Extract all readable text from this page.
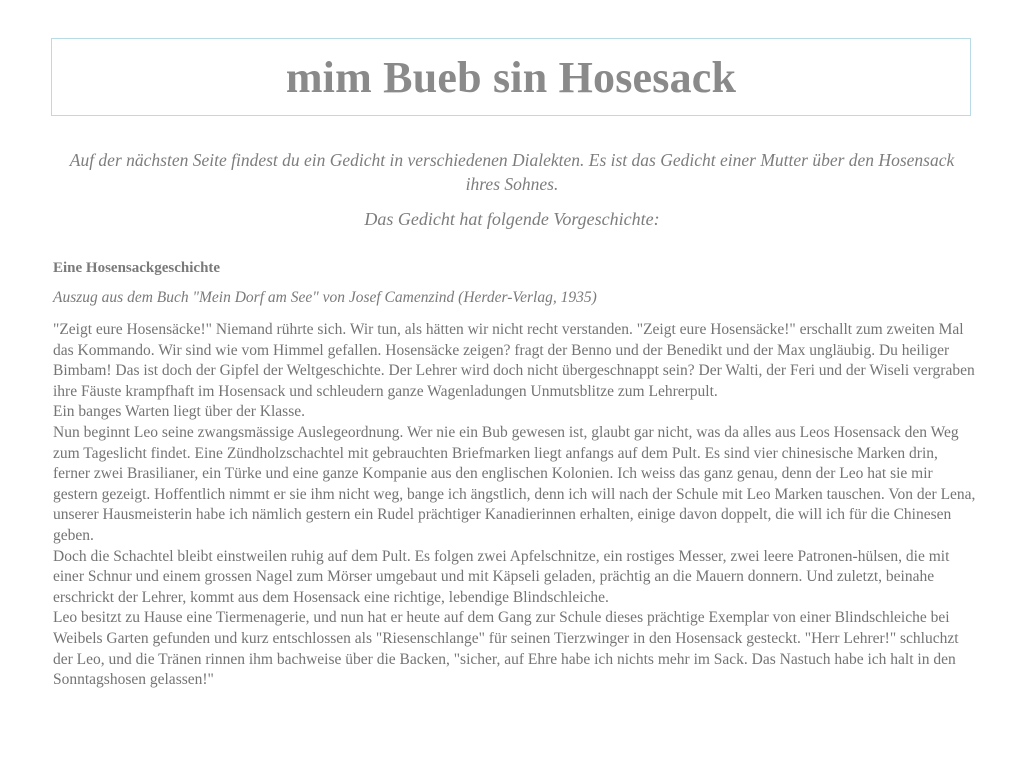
mim Bueb sin Hosesack

Auf der nächsten Seite findest du ein Gedicht in verschiedenen Dialekten. Es ist das Gedicht einer Mutter über den Hosensack ihres Sohnes.

Das Gedicht hat folgende Vorgeschichte:

Eine Hosensackgeschichte

Auszug aus dem Buch "Mein Dorf am See" von Josef Camenzind (Herder-Verlag, 1935)

"Zeigt eure Hosensäcke!" Niemand rührte sich. Wir tun, als hätten wir nicht recht verstanden. "Zeigt eure Hosensäcke!" erschallt zum zweiten Mal das Kommando. Wir sind wie vom Himmel gefallen. Hosensäcke zeigen? fragt der Benno und der Benedikt und der Max ungläubig. Du heiliger Bimbam! Das ist doch der Gipfel der Weltgeschichte. Der Lehrer wird doch nicht übergeschnappt sein? Der Walti, der Feri und der Wiseli vergraben ihre Fäuste krampfhaft im Hosensack und schleudern ganze Wagenladungen Unmutsblitze zum Lehrerpult.

Ein banges Warten liegt über der Klasse.

Nun beginnt Leo seine zwangsmässige Auslegeordnung. Wer nie ein Bub gewesen ist, glaubt gar nicht, was da alles aus Leos Hosensack den Weg zum Tageslicht findet. Eine Zündholzschachtel mit gebrauchten Briefmarken liegt anfangs auf dem Pult. Es sind vier chinesische Marken drin, ferner zwei Brasilianer, ein Türke und eine ganze Kompanie aus den englischen Kolonien. Ich weiss das ganz genau, denn der Leo hat sie mir gestern gezeigt. Hoffentlich nimmt er sie ihm nicht weg, bange ich ängstlich, denn ich will nach der Schule mit Leo Marken tauschen. Von der Lena, unserer Hausmeisterin habe ich nämlich gestern ein Rudel prächtiger Kanadierinnen erhalten, einige davon doppelt, die will ich für die Chinesen geben.

Doch die Schachtel bleibt einstweilen ruhig auf dem Pult. Es folgen zwei Apfelschnitze, ein rostiges Messer, zwei leere Patronen-hülsen, die mit einer Schnur und einem grossen Nagel zum Mörser umgebaut und mit Käpseli geladen, prächtig an die Mauern donnern. Und zuletzt, beinahe erschrickt der Lehrer, kommt aus dem Hosensack eine richtige, lebendige Blindschleiche.

Leo besitzt zu Hause eine Tiermenagerie, und nun hat er heute auf dem Gang zur Schule dieses prächtige Exemplar von einer Blindschleiche bei Weibels Garten gefunden und kurz entschlossen als "Riesenschlange" für seinen Tierzwinger in den Hosensack gesteckt. "Herr Lehrer!" schluchzt der Leo, und die Tränen rinnen ihm bachweise über die Backen, "sicher, auf Ehre habe ich nichts mehr im Sack. Das Nastuch habe ich halt in den Sonntagshosen gelassen!"
